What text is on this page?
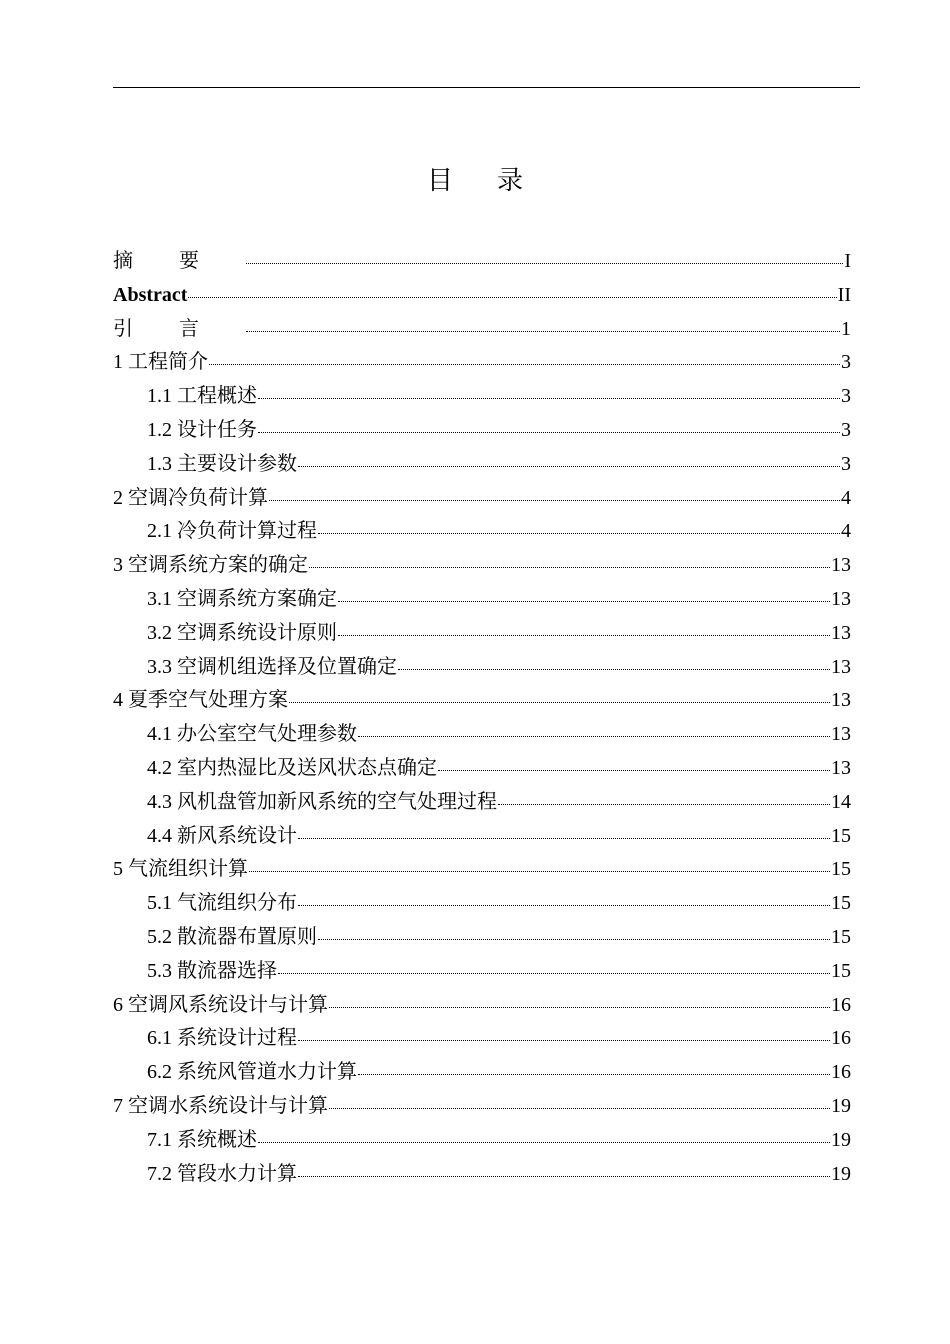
目录
摘要	I
Abstract	II
引言	1
1 工程简介	3
1.1 工程概述	3
1.2 设计任务	3
1.3 主要设计参数	3
2 空调冷负荷计算	4
2.1 冷负荷计算过程	4
3 空调系统方案的确定	13
3.1 空调系统方案确定	13
3.2 空调系统设计原则	13
3.3 空调机组选择及位置确定	13
4 夏季空气处理方案	13
4.1 办公室空气处理参数	13
4.2 室内热湿比及送风状态点确定	13
4.3 风机盘管加新风系统的空气处理过程	14
4.4 新风系统设计	15
5 气流组织计算	15
5.1 气流组织分布	15
5.2 散流器布置原则	15
5.3 散流器选择	15
6 空调风系统设计与计算	16
6.1 系统设计过程	16
6.2 系统风管道水力计算	16
7 空调水系统设计与计算	19
7.1 系统概述	19
7.2 管段水力计算	19
